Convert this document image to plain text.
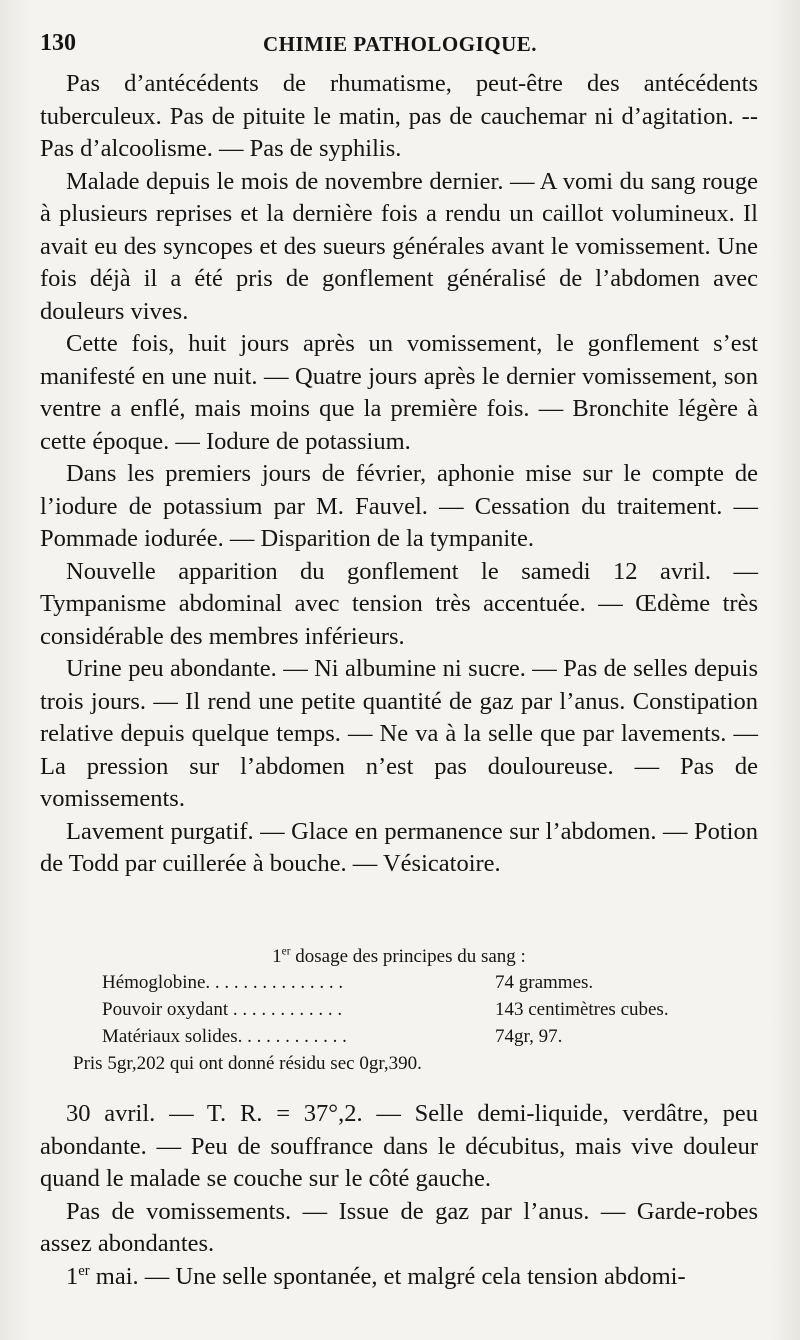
130	CHIMIE PATHOLOGIQUE.

Pas d’antécédents de rhumatisme, peut-être des antécédents tuberculeux. Pas de pituite le matin, pas de cauchemar ni d’agitation. -- Pas d’alcoolisme. — Pas de syphilis.

Malade depuis le mois de novembre dernier. — A vomi du sang rouge à plusieurs reprises et la dernière fois a rendu un caillot volumineux. Il avait eu des syncopes et des sueurs générales avant le vomissement. Une fois déjà il a été pris de gonflement généralisé de l’abdomen avec douleurs vives.

Cette fois, huit jours après un vomissement, le gonflement s’est manifesté en une nuit. — Quatre jours après le dernier vomissement, son ventre a enflé, mais moins que la première fois. — Bronchite légère à cette époque. — Iodure de potassium.

Dans les premiers jours de février, aphonie mise sur le compte de l’iodure de potassium par M. Fauvel. — Cessation du traitement. — Pommade iodurée. — Disparition de la tympanite.

Nouvelle apparition du gonflement le samedi 12 avril. — Tympanisme abdominal avec tension très accentuée. — Œdème très considérable des membres inférieurs.

Urine peu abondante. — Ni albumine ni sucre. — Pas de selles depuis trois jours. — Il rend une petite quantité de gaz par l’anus. Constipation relative depuis quelque temps. — Ne va à la selle que par lavements. — La pression sur l’abdomen n’est pas douloureuse. — Pas de vomissements.

Lavement purgatif. — Glace en permanence sur l’abdomen. — Potion de Todd par cuillerée à bouche. — Vésicatoire.

1er dosage des principes du sang :
Hémoglobine. . . . . . . . . . . . . . .	74 grammes.
Pouvoir oxydant . . . . . . . . . . . .	143 centimètres cubes.
Matériaux solides. . . . . . . . . . . .	74gr, 97.
Pris 5gr,202 qui ont donné résidu sec 0gr,390.

30 avril. — T. R. = 37°,2. — Selle demi-liquide, verdâtre, peu abondante. — Peu de souffrance dans le décubitus, mais vive douleur quand le malade se couche sur le côté gauche.

Pas de vomissements. — Issue de gaz par l’anus. — Garde-robes assez abondantes.

1er mai. — Une selle spontanée, et malgré cela tension abdomi-
